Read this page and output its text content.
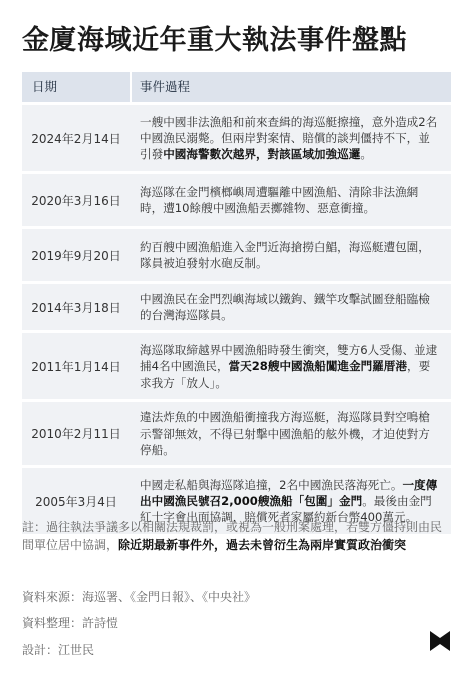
金廈海域近年重大執法事件盤點
日期	事件過程
2024年2月14日
一艘中國非法漁船和前來查緝的海巡艇擦撞，意外造成2名中國漁民溺斃。但兩岸對案情、賠償的談判僵持不下，並引發中國海警數次越界，對該區域加強巡邏。
2020年3月16日
海巡隊在金門檳榔嶼周遭驅離中國漁船、清除非法漁網時，遭10餘艘中國漁船丟擲雜物、惡意衝撞。
2019年9月20日
約百艘中國漁船進入金門近海搶撈白鯧，海巡艇遭包圍，隊員被迫發射水砲反制。
2014年3月18日
中國漁民在金門烈嶼海域以鐵鉤、鐵竿攻擊試圖登船臨檢的台灣海巡隊員。
2011年1月14日
海巡隊取締越界中國漁船時發生衝突，雙方6人受傷、並逮捕4名中國漁民，當天28艘中國漁船闖進金門羅厝港，要求我方「放人」。
2010年2月11日
違法炸魚的中國漁船衝撞我方海巡艇，海巡隊員對空鳴槍示警卻無效，不得已射擊中國漁船的舷外機，才迫使對方停船。
2005年3月4日
中國走私船與海巡隊追撞，2名中國漁民落海死亡。一度傳出中國漁民號召2,000艘漁船「包圍」金門。最後由金門紅十字會出面協調，賠償死者家屬約新台幣400萬元。
註：過往執法爭議多以相關法規裁罰，或視為一般刑案處理，若雙方僵持則由民間單位居中協調，除近期最新事件外，過去未曾衍生為兩岸實質政治衝突
資料來源：海巡署、《金門日報》、《中央社》
資料整理：許詩愷
設計：江世民
